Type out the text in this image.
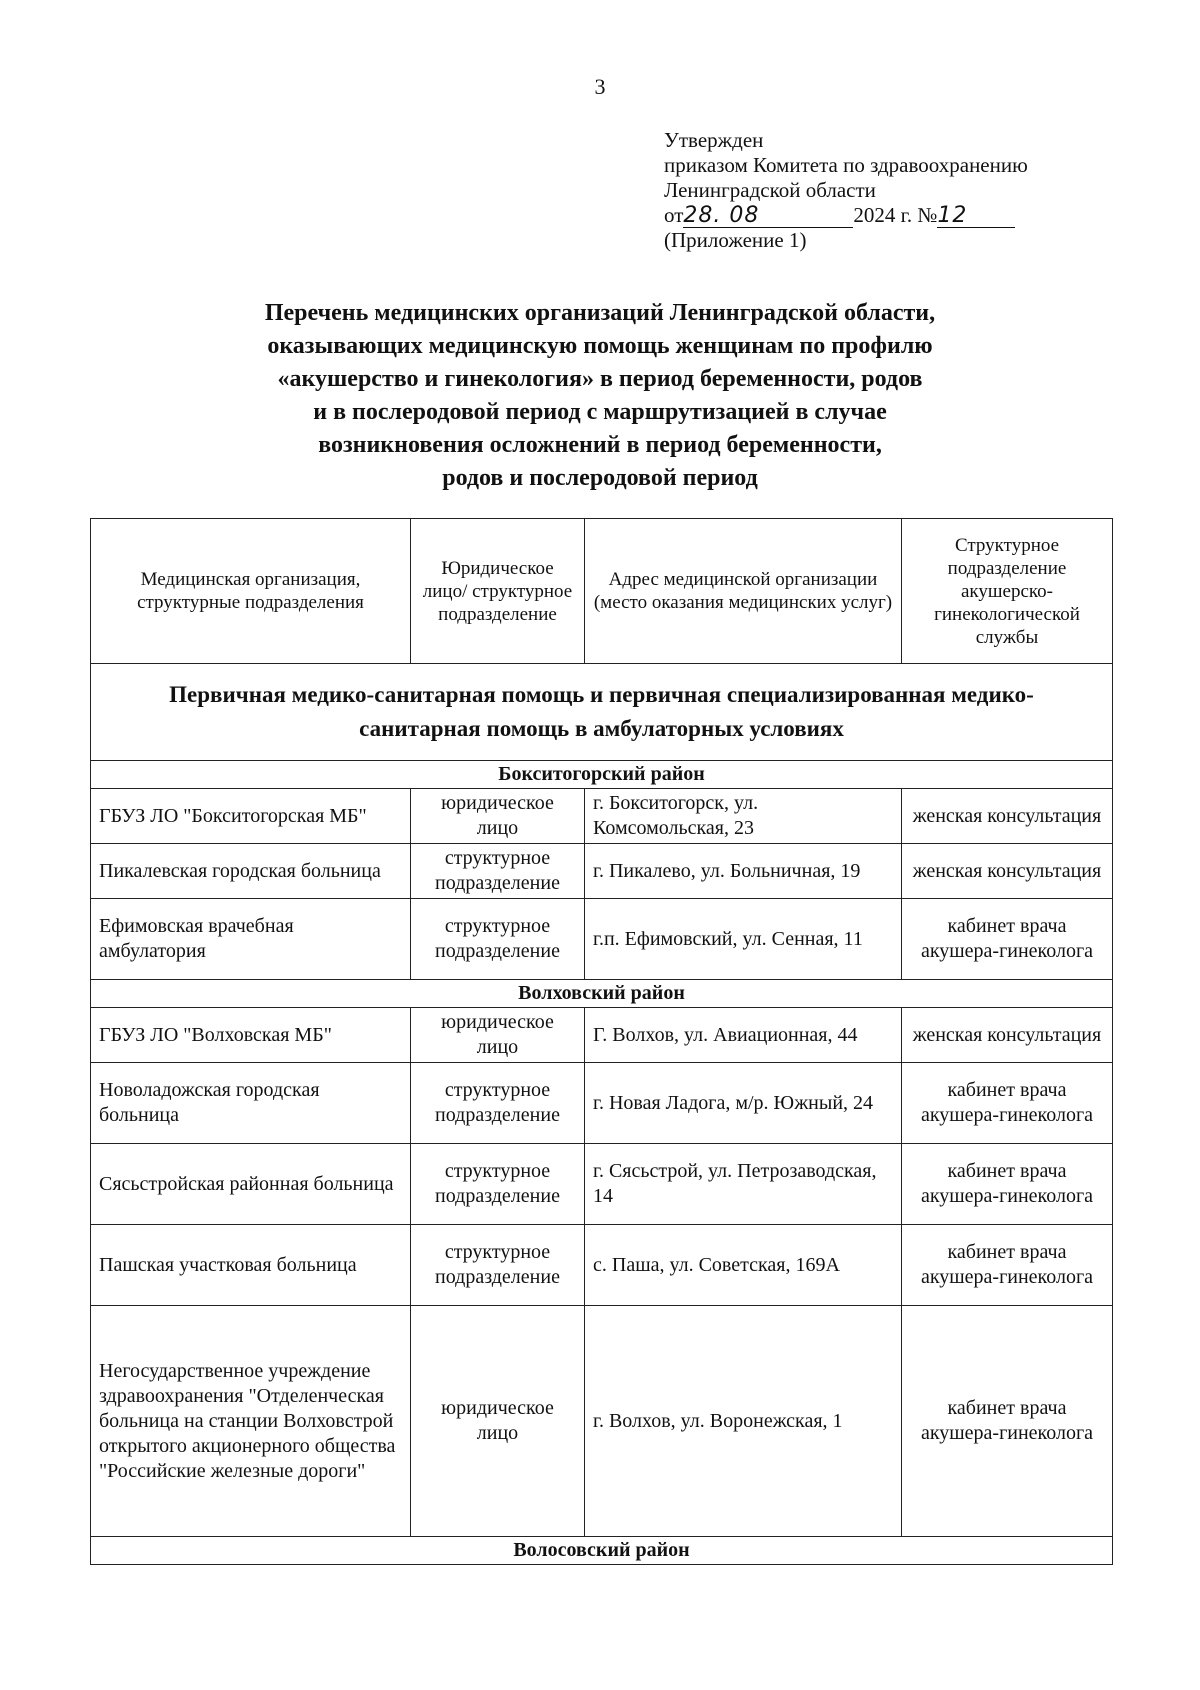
3
Утвержден
приказом Комитета по здравоохранению
Ленинградской области
от28. 08	2024 г. №12
(Приложение 1)
Перечень медицинских организаций Ленинградской области,
оказывающих медицинскую помощь женщинам по профилю
«акушерство и гинекология» в период беременности, родов
и в послеродовой период с маршрутизацией в случае
возникновения осложнений в период беременности,
родов и послеродовой период
Медицинская организация, структурные подразделения	Юридическое лицо/ структурное подразделение	Адрес медицинской организации (место оказания медицинских услуг)	Структурное подразделение акушерско-гинекологической службы
Первичная медико-санитарная помощь и первичная специализированная медико-санитарная помощь в амбулаторных условиях			
Бокситогорский район			
ГБУЗ ЛО "Бокситогорская МБ"	юридическое лицо	г. Бокситогорск, ул. Комсомольская, 23	женская консультация
Пикалевская городская больница	структурное подразделение	г. Пикалево, ул. Больничная, 19	женская консультация
Ефимовская врачебная амбулатория	структурное подразделение	г.п. Ефимовский, ул. Сенная, 11	кабинет врача акушера-гинеколога
Волховский район			
ГБУЗ ЛО "Волховская МБ"	юридическое лицо	Г. Волхов, ул. Авиационная, 44	женская консультация
Новоладожская городская больница	структурное подразделение	г. Новая Ладога, м/р. Южный, 24	кабинет врача акушера-гинеколога
Сясьстройская районная больница	структурное подразделение	г. Сясьстрой, ул. Петрозаводская, 14	кабинет врача акушера-гинеколога
Пашская участковая больница	структурное подразделение	с. Паша, ул. Советская, 169А	кабинет врача акушера-гинеколога
Негосударственное учреждение здравоохранения "Отделенческая больница на станции Волховстрой открытого акционерного общества "Российские железные дороги"	юридическое лицо	г. Волхов, ул. Воронежская, 1	кабинет врача акушера-гинеколога
Волосовский район			
